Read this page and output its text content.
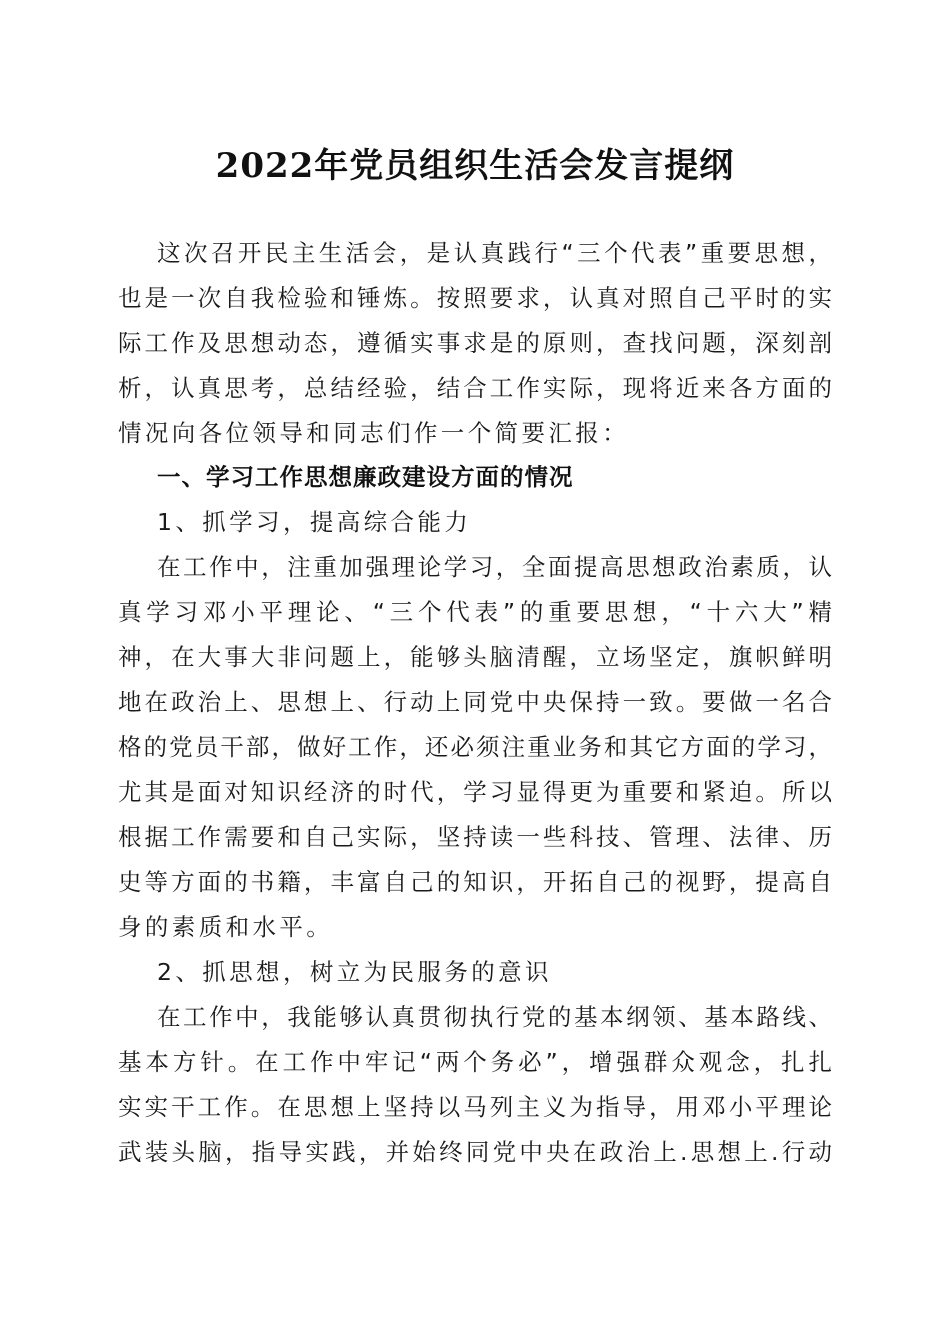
2022年党员组织生活会发言提纲
这次召开民主生活会，是认真践行“三个代表”重要思想，
也是一次自我检验和锤炼。按照要求，认真对照自己平时的实
际工作及思想动态，遵循实事求是的原则，查找问题，深刻剖
析，认真思考，总结经验，结合工作实际，现将近来各方面的
情况向各位领导和同志们作一个简要汇报：
一、学习工作思想廉政建设方面的情况
1、抓学习，提高综合能力
在工作中，注重加强理论学习，全面提高思想政治素质，认
真学习邓小平理论、“三个代表”的重要思想，“十六大”精
神，在大事大非问题上，能够头脑清醒，立场坚定，旗帜鲜明
地在政治上、思想上、行动上同党中央保持一致。要做一名合
格的党员干部，做好工作，还必须注重业务和其它方面的学习，
尤其是面对知识经济的时代，学习显得更为重要和紧迫。所以
根据工作需要和自己实际，坚持读一些科技、管理、法律、历
史等方面的书籍，丰富自己的知识，开拓自己的视野，提高自
身的素质和水平。
2、抓思想，树立为民服务的意识
在工作中，我能够认真贯彻执行党的基本纲领、基本路线、
基本方针。在工作中牢记“两个务必”，增强群众观念，扎扎
实实干工作。在思想上坚持以马列主义为指导，用邓小平理论
武装头脑，指导实践，并始终同党中央在政治上.思想上.行动
